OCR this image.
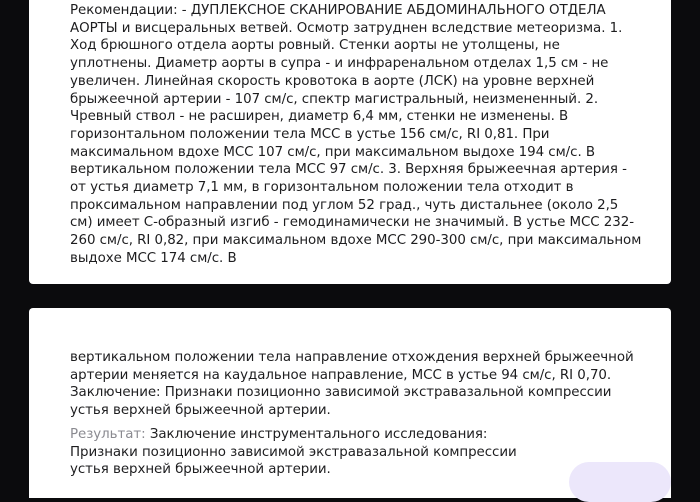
Рекомендации: - ДУПЛЕКСНОЕ СКАНИРОВАНИЕ АБДОМИНАЛЬНОГО ОТДЕЛА АОРТЫ и висцеральных ветвей. Осмотр затруднен вследствие метеоризма. 1. Ход брюшного отдела аорты ровный. Стенки аорты не утолщены, не уплотнены. Диаметр аорты в супра - и инфраренальном отделах 1,5 см - не увеличен. Линейная скорость кровотока в аорте (ЛСК) на уровне верхней брыжеечной артерии - 107 см/с, спектр магистральный, неизмененный. 2. Чревный ствол - не расширен, диаметр 6,4 мм, стенки не изменены. В горизонтальном положении тела МСС в устье 156 см/с, RI 0,81. При максимальном вдохе МСС 107 см/с, при максимальном выдохе 194 см/с. В вертикальном положении тела МСС 97 см/с. 3. Верхняя брыжеечная артерия - от устья диаметр 7,1 мм, в горизонтальном положении тела отходит в проксимальном направлении под углом 52 град., чуть дистальнее (около 2,5 см) имеет С-образный изгиб - гемодинамически не значимый. В устье МСС 232-260 см/с, RI 0,82, при максимальном вдохе МСС 290-300 см/с, при максимальном выдохе МСС 174 см/с. В

вертикальном положении тела направление отхождения верхней брыжеечной артерии меняется на каудальное направление, МСС в устье 94 см/с, RI 0,70. Заключение: Признаки позиционно зависимой экстравазальной компрессии устья верхней брыжеечной артерии.

Результат: Заключение инструментального исследования: Признаки позиционно зависимой экстравазальной компрессии устья верхней брыжеечной артерии.
